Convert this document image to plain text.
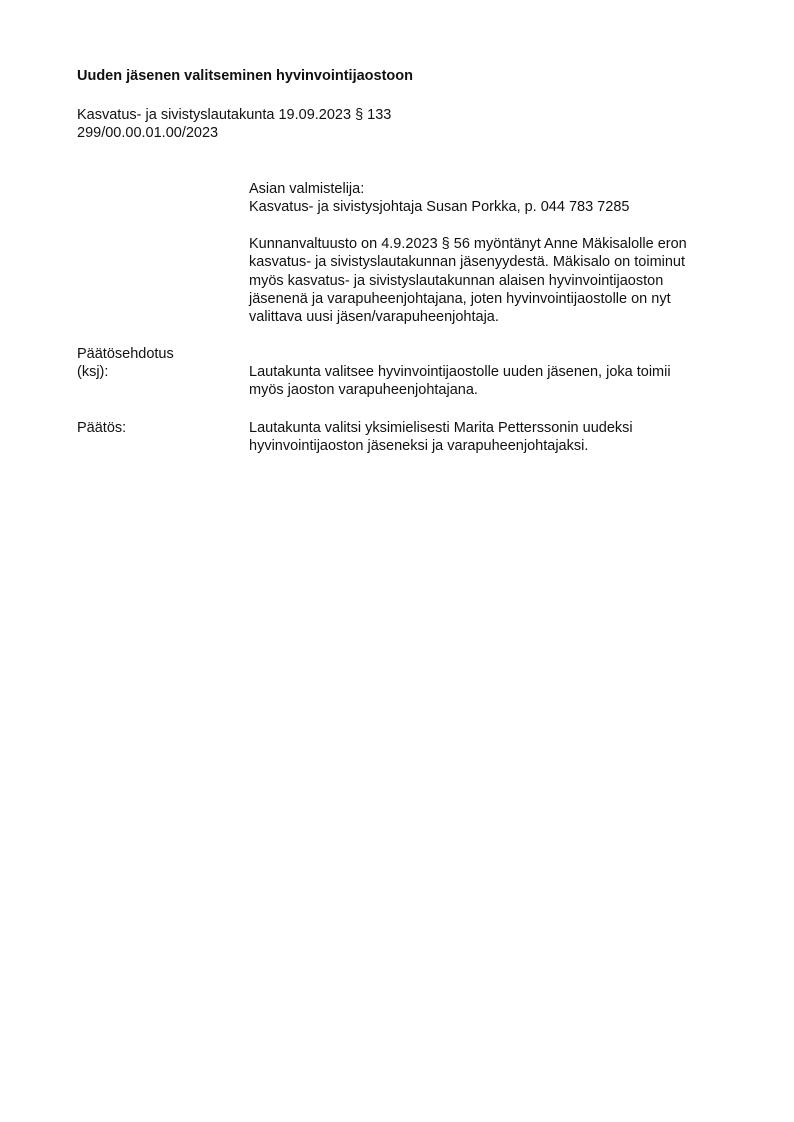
Uuden jäsenen valitseminen hyvinvointijaostoon
Kasvatus- ja sivistyslautakunta 19.09.2023 § 133
299/00.00.01.00/2023

Asian valmistelija:

Kasvatus- ja sivistysjohtaja Susan Porkka, p. 044 783 7285

Kunnanvaltuusto on 4.9.2023 § 56 myöntänyt Anne Mäkisalolle eron

kasvatus- ja sivistyslautakunnan jäsenyydestä. Mäkisalo on toiminut

myös kasvatus- ja sivistyslautakunnan alaisen hyvinvointijaoston

jäsenenä ja varapuheenjohtajana, joten hyvinvointijaostolle on nyt

valittava uusi jäsen/varapuheenjohtaja.

Päätösehdotus
(ksj):	Lautakunta valitsee hyvinvointijaostolle uuden jäsenen, joka toimii

myös jaoston varapuheenjohtajana.

Päätös:	Lautakunta valitsi yksimielisesti Marita Petterssonin uudeksi

hyvinvointijaoston jäseneksi ja varapuheenjohtajaksi.
